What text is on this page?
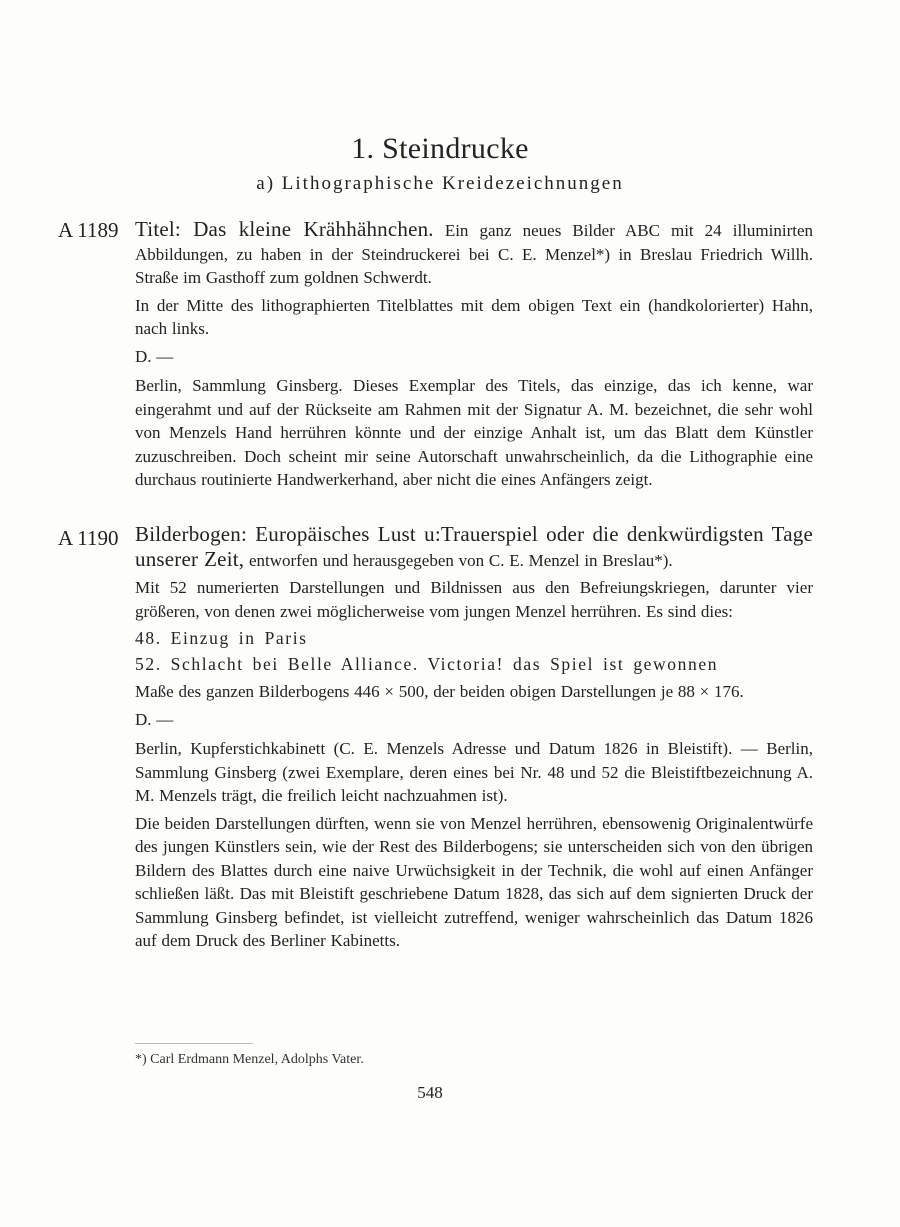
1. Steindrucke
a) Lithographische Kreidezeichnungen
A 1189 Titel: Das kleine Krähhähnchen. Ein ganz neues Bilder ABC mit 24 illuminirten Abbildungen, zu haben in der Steindruckerei bei C. E. Menzel*) in Breslau Friedrich Willh. Straße im Gasthoff zum goldnen Schwerdt.

In der Mitte des lithographierten Titelblattes mit dem obigen Text ein (handkolorierter) Hahn, nach links.

D. —

Berlin, Sammlung Ginsberg. Dieses Exemplar des Titels, das einzige, das ich kenne, war eingerahmt und auf der Rückseite am Rahmen mit der Signatur A. M. bezeichnet, die sehr wohl von Menzels Hand herrühren könnte und der einzige Anhalt ist, um das Blatt dem Künstler zuzuschreiben. Doch scheint mir seine Autorschaft unwahrscheinlich, da die Lithographie eine durchaus routinierte Handwerkerhand, aber nicht die eines Anfängers zeigt.

A 1190 Bilderbogen: Europäisches Lust u:Trauerspiel oder die denkwürdigsten Tage unserer Zeit, entworfen und herausgegeben von C. E. Menzel in Breslau*).

Mit 52 numerierten Darstellungen und Bildnissen aus den Befreiungskriegen, darunter vier größeren, von denen zwei möglicherweise vom jungen Menzel herrühren. Es sind dies:

48. Einzug in Paris

52. Schlacht bei Belle Alliance. Victoria! das Spiel ist gewonnen

Maße des ganzen Bilderbogens 446 × 500, der beiden obigen Darstellungen je 88 × 176.

D. —

Berlin, Kupferstichkabinett (C. E. Menzels Adresse und Datum 1826 in Bleistift). — Berlin, Sammlung Ginsberg (zwei Exemplare, deren eines bei Nr. 48 und 52 die Bleistiftbezeichnung A. M. Menzels trägt, die freilich leicht nachzuahmen ist).

Die beiden Darstellungen dürften, wenn sie von Menzel herrühren, ebensowenig Originalentwürfe des jungen Künstlers sein, wie der Rest des Bilderbogens; sie unterscheiden sich von den übrigen Bildern des Blattes durch eine naive Urwüchsigkeit in der Technik, die wohl auf einen Anfänger schließen läßt. Das mit Bleistift geschriebene Datum 1828, das sich auf dem signierten Druck der Sammlung Ginsberg befindet, ist vielleicht zutreffend, weniger wahrscheinlich das Datum 1826 auf dem Druck des Berliner Kabinetts.

*) Carl Erdmann Menzel, Adolphs Vater.
548
